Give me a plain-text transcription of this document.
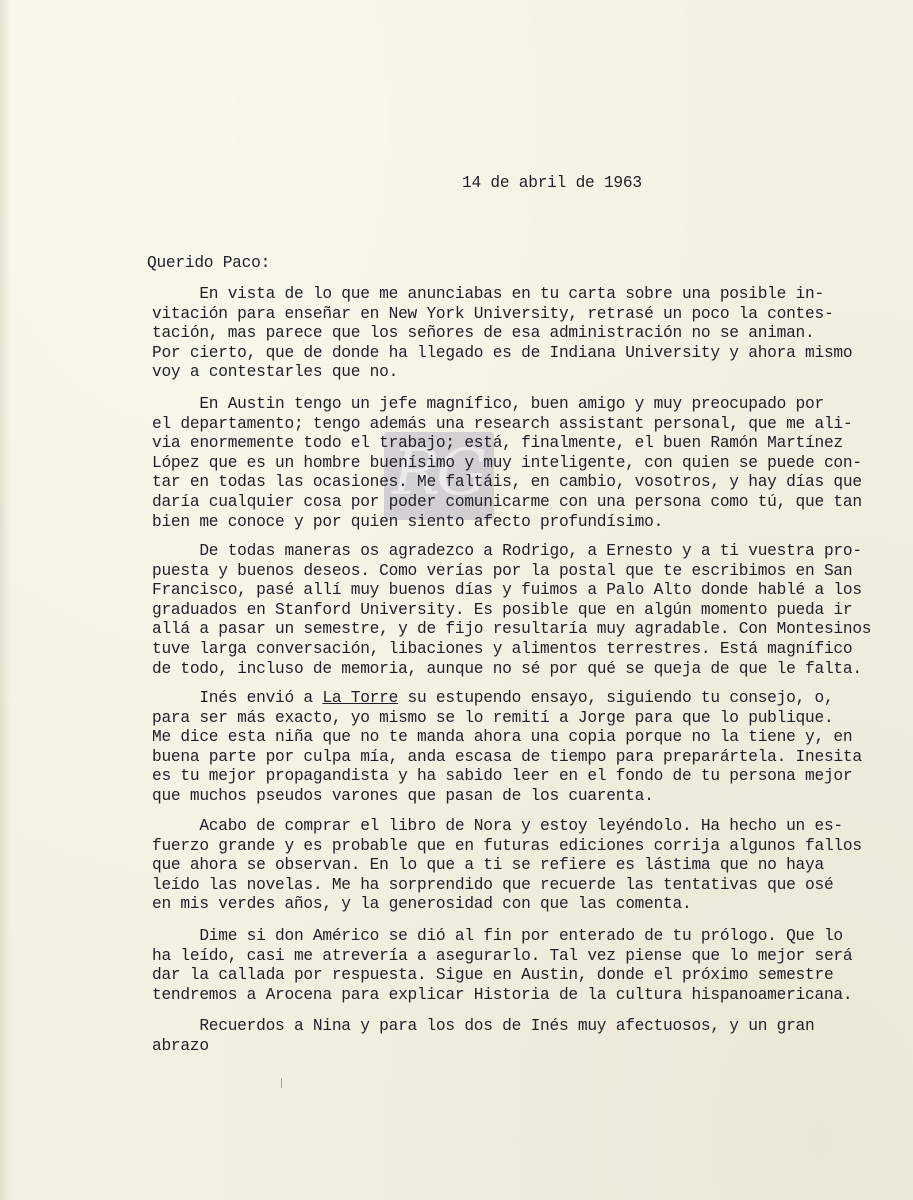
RG
14 de abril de 1963
Querido Paco:
En vista de lo que me anunciabas en tu carta sobre una posible in-
vitación para enseñar en New York University, retrasé un poco la contes-
tación, mas parece que los señores de esa administración no se animan.
Por cierto, que de donde ha llegado es de Indiana University y ahora mismo
voy a contestarles que no.
En Austin tengo un jefe magnífico, buen amigo y muy preocupado por
el departamento; tengo además una research assistant personal, que me ali-
via enormemente todo el trabajo; está, finalmente, el buen Ramón Martínez
López que es un hombre buenísimo y muy inteligente, con quien se puede con-
tar en todas las ocasiones. Me faltáis, en cambio, vosotros, y hay días que
daría cualquier cosa por poder comunicarme con una persona como tú, que tan
bien me conoce y por quien siento afecto profundísimo.
De todas maneras os agradezco a Rodrigo, a Ernesto y a ti vuestra pro-
puesta y buenos deseos. Como verías por la postal que te escribimos en San
Francisco, pasé allí muy buenos días y fuimos a Palo Alto donde hablé a los
graduados en Stanford University. Es posible que en algún momento pueda ir
allá a pasar un semestre, y de fijo resultaría muy agradable. Con Montesinos
tuve larga conversación, libaciones y alimentos terrestres. Está magnífico
de todo, incluso de memoria, aunque no sé por qué se queja de que le falta.
Inés envió a La Torre su estupendo ensayo, siguiendo tu consejo, o,
para ser más exacto, yo mismo se lo remití a Jorge para que lo publique.
Me dice esta niña que no te manda ahora una copia porque no la tiene y, en
buena parte por culpa mía, anda escasa de tiempo para preparártela. Inesita
es tu mejor propagandista y ha sabido leer en el fondo de tu persona mejor
que muchos pseudos varones que pasan de los cuarenta.
Acabo de comprar el libro de Nora y estoy leyéndolo. Ha hecho un es-
fuerzo grande y es probable que en futuras ediciones corrija algunos fallos
que ahora se observan. En lo que a ti se refiere es lástima que no haya
leído las novelas. Me ha sorprendido que recuerde las tentativas que osé
en mis verdes años, y la generosidad con que las comenta.
Dime si don Américo se dió al fin por enterado de tu prólogo. Que lo
ha leído, casi me atrevería a asegurarlo. Tal vez piense que lo mejor será
dar la callada por respuesta. Sigue en Austin, donde el próximo semestre
tendremos a Arocena para explicar Historia de la cultura hispanoamericana.
Recuerdos a Nina y para los dos de Inés muy afectuosos, y un gran
abrazo
